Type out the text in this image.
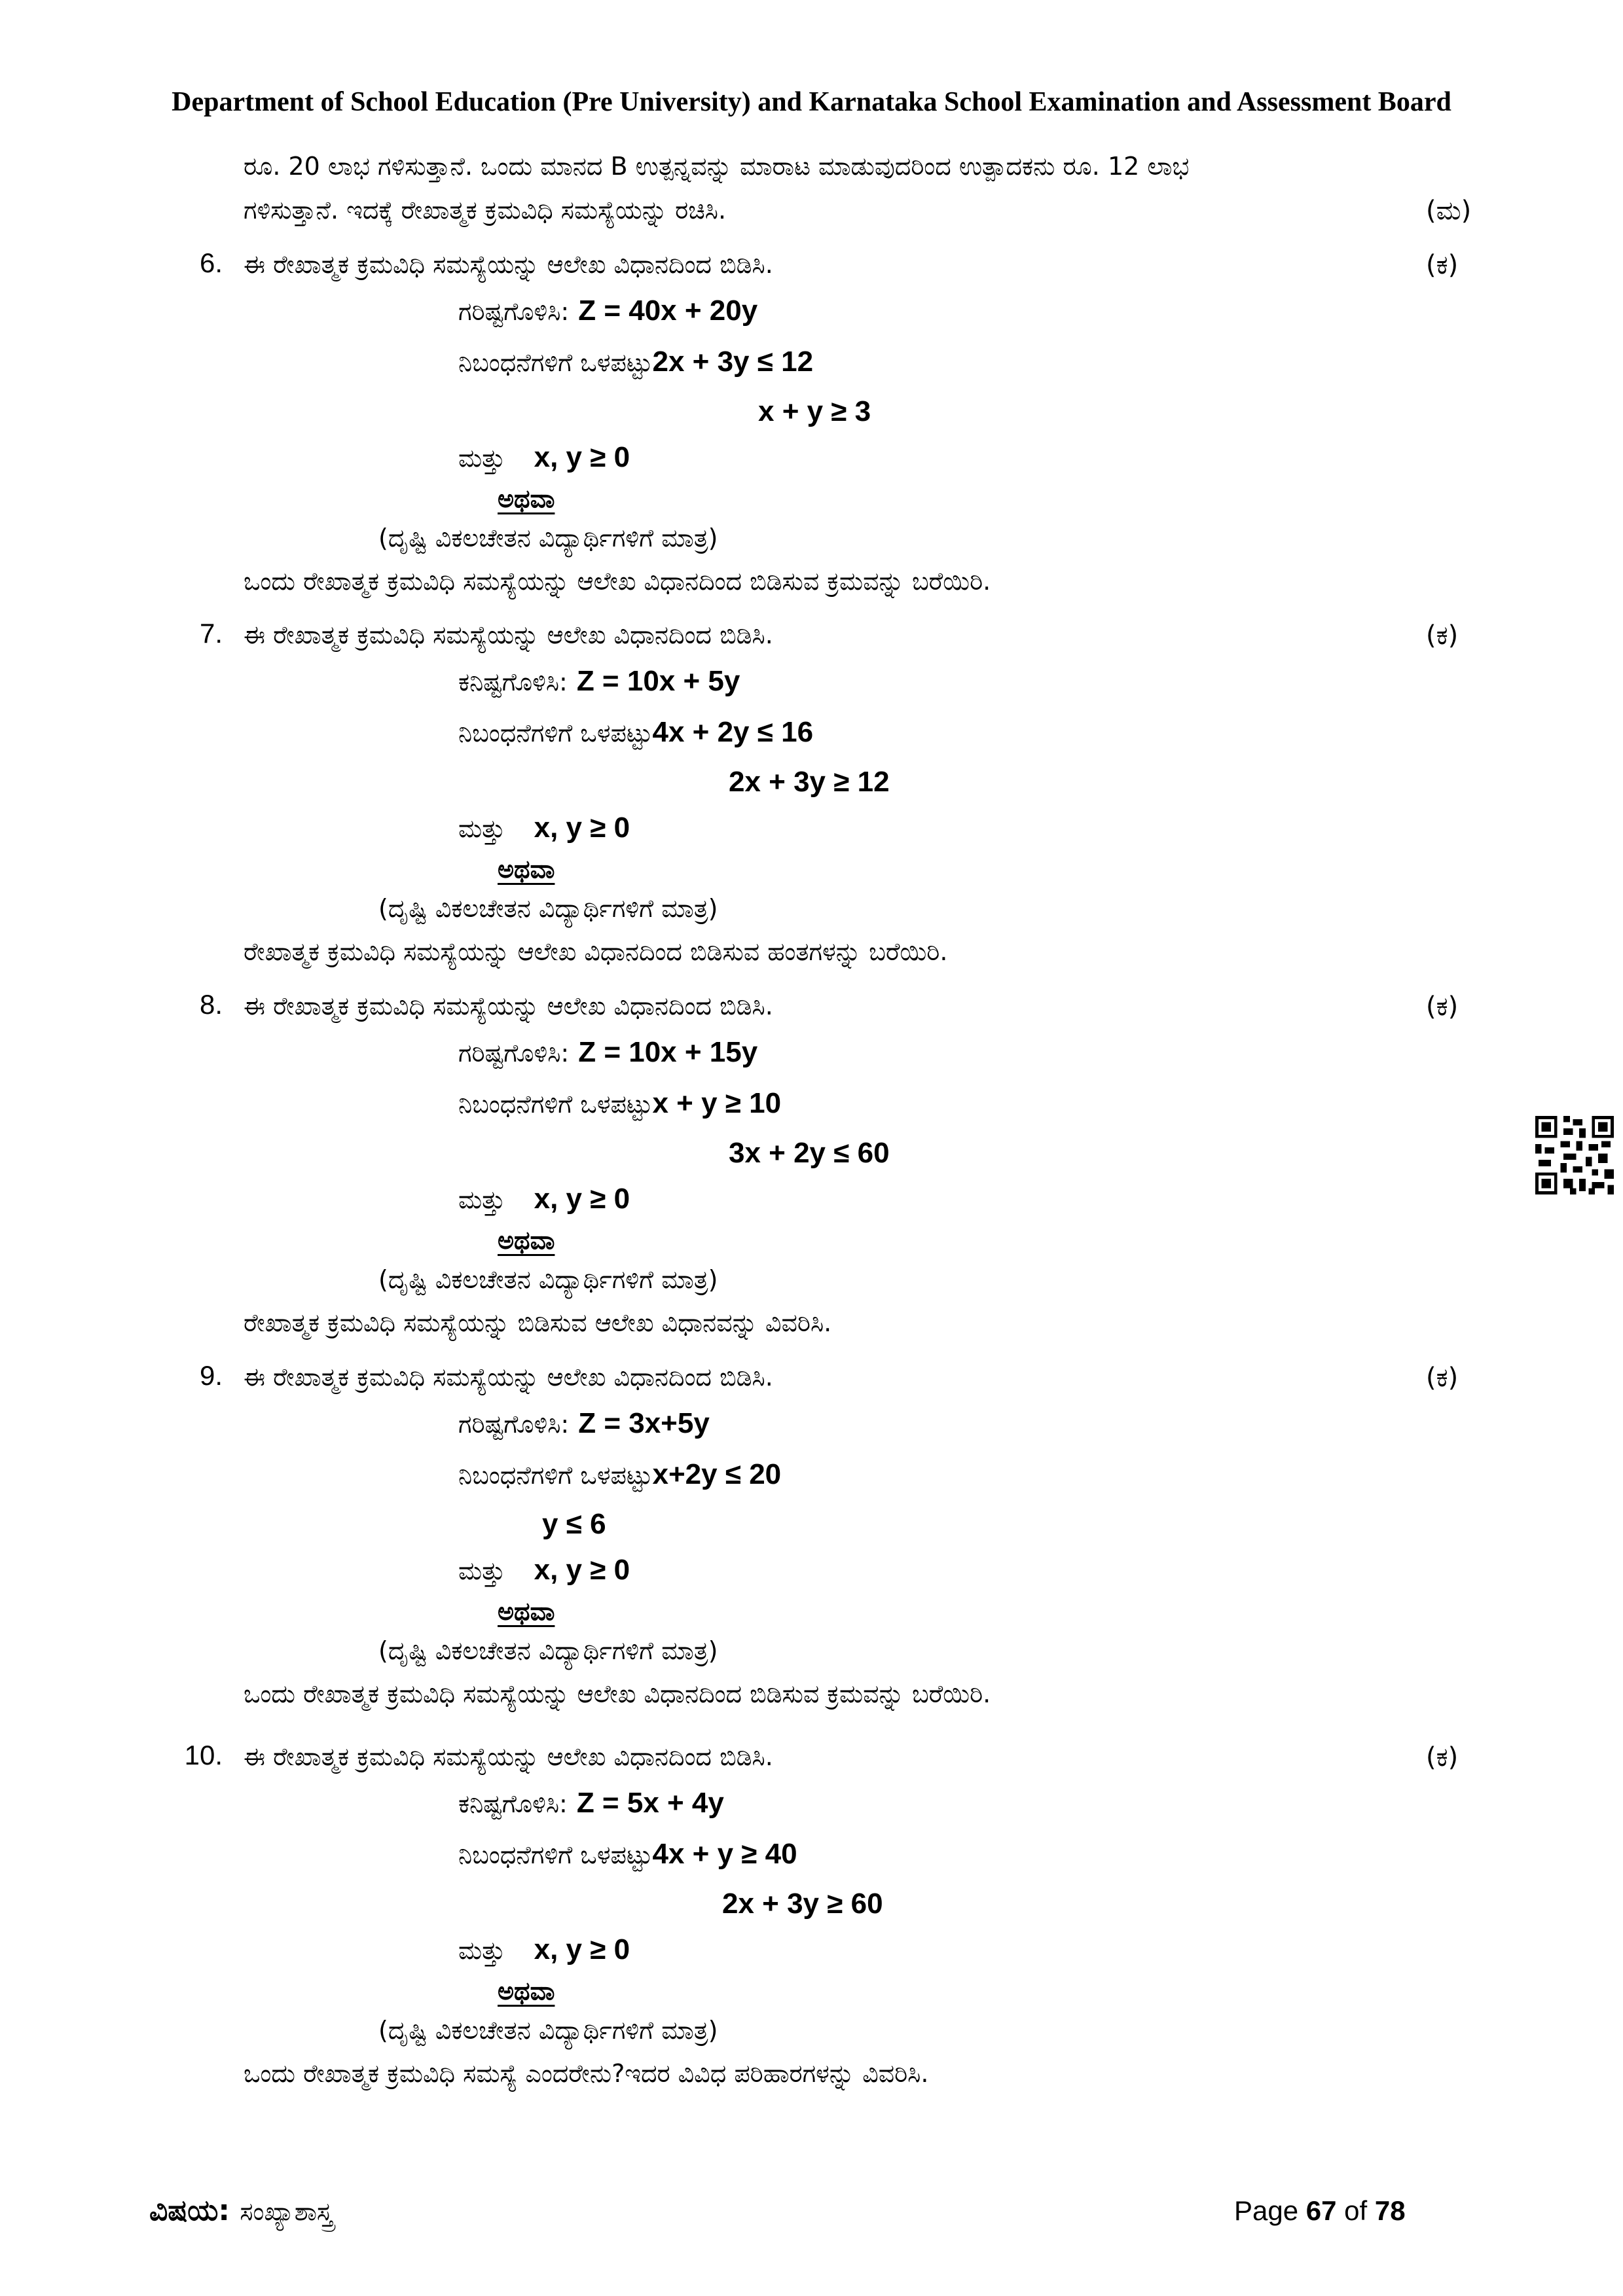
Department of School Education (Pre University) and Karnataka School Examination and Assessment Board
ರೂ. 20 ಲಾಭ ಗಳಿಸುತ್ತಾನೆ. ಒಂದು ಮಾನದ B ಉತ್ಪನ್ನವನ್ನು ಮಾರಾಟ ಮಾಡುವುದರಿಂದ ಉತ್ಪಾದಕನು ರೂ. 12 ಲಾಭ
ಗಳಿಸುತ್ತಾನೆ. ಇದಕ್ಕೆ ರೇಖಾತ್ಮಕ ಕ್ರಮವಿಧಿ ಸಮಸ್ಯೆಯನ್ನು ರಚಿಸಿ.	(ಮ)
6. ಈ ರೇಖಾತ್ಮಕ ಕ್ರಮವಿಧಿ ಸಮಸ್ಯೆಯನ್ನು ಆಲೇಖ ವಿಧಾನದಿಂದ ಬಿಡಿಸಿ.	(ಕ)
ಗರಿಷ್ಟಗೊಳಿಸಿ: Z = 40x + 20y
ನಿಬಂಧನೆಗಳಿಗೆ ಒಳಪಟ್ಟು2x + 3y ≤ 12
x + y ≥ 3
ಮತ್ತು x, y ≥ 0
ಅಥವಾ
(ದೃಷ್ಟಿ ವಿಕಲಚೇತನ ವಿದ್ಯಾರ್ಥಿಗಳಿಗೆ ಮಾತ್ರ)
ಒಂದು ರೇಖಾತ್ಮಕ ಕ್ರಮವಿಧಿ ಸಮಸ್ಯೆಯನ್ನು ಆಲೇಖ ವಿಧಾನದಿಂದ ಬಿಡಿಸುವ ಕ್ರಮವನ್ನು ಬರೆಯಿರಿ.
7. ಈ ರೇಖಾತ್ಮಕ ಕ್ರಮವಿಧಿ ಸಮಸ್ಯೆಯನ್ನು ಆಲೇಖ ವಿಧಾನದಿಂದ ಬಿಡಿಸಿ.	(ಕ)
ಕನಿಷ್ಟಗೊಳಿಸಿ: Z = 10x + 5y
ನಿಬಂಧನೆಗಳಿಗೆ ಒಳಪಟ್ಟು4x + 2y ≤ 16
2x + 3y ≥ 12
ಮತ್ತು x, y ≥ 0
ಅಥವಾ
(ದೃಷ್ಟಿ ವಿಕಲಚೇತನ ವಿದ್ಯಾರ್ಥಿಗಳಿಗೆ ಮಾತ್ರ)
ರೇಖಾತ್ಮಕ ಕ್ರಮವಿಧಿ ಸಮಸ್ಯೆಯನ್ನು ಆಲೇಖ ವಿಧಾನದಿಂದ ಬಿಡಿಸುವ ಹಂತಗಳನ್ನು ಬರೆಯಿರಿ.
8. ಈ ರೇಖಾತ್ಮಕ ಕ್ರಮವಿಧಿ ಸಮಸ್ಯೆಯನ್ನು ಆಲೇಖ ವಿಧಾನದಿಂದ ಬಿಡಿಸಿ.	(ಕ)
ಗರಿಷ್ಟಗೊಳಿಸಿ: Z = 10x + 15y
ನಿಬಂಧನೆಗಳಿಗೆ ಒಳಪಟ್ಟುx + y ≥ 10
3x + 2y ≤ 60
ಮತ್ತು x, y ≥ 0
ಅಥವಾ
(ದೃಷ್ಟಿ ವಿಕಲಚೇತನ ವಿದ್ಯಾರ್ಥಿಗಳಿಗೆ ಮಾತ್ರ)
ರೇಖಾತ್ಮಕ ಕ್ರಮವಿಧಿ ಸಮಸ್ಯೆಯನ್ನು ಬಿಡಿಸುವ ಆಲೇಖ ವಿಧಾನವನ್ನು ವಿವರಿಸಿ.
9. ಈ ರೇಖಾತ್ಮಕ ಕ್ರಮವಿಧಿ ಸಮಸ್ಯೆಯನ್ನು ಆಲೇಖ ವಿಧಾನದಿಂದ ಬಿಡಿಸಿ.	(ಕ)
ಗರಿಷ್ಟಗೊಳಿಸಿ: Z = 3x+5y
ನಿಬಂಧನೆಗಳಿಗೆ ಒಳಪಟ್ಟುx+2y ≤ 20
y ≤ 6
ಮತ್ತು x, y ≥ 0
ಅಥವಾ
(ದೃಷ್ಟಿ ವಿಕಲಚೇತನ ವಿದ್ಯಾರ್ಥಿಗಳಿಗೆ ಮಾತ್ರ)
ಒಂದು ರೇಖಾತ್ಮಕ ಕ್ರಮವಿಧಿ ಸಮಸ್ಯೆಯನ್ನು ಆಲೇಖ ವಿಧಾನದಿಂದ ಬಿಡಿಸುವ ಕ್ರಮವನ್ನು ಬರೆಯಿರಿ.
10. ಈ ರೇಖಾತ್ಮಕ ಕ್ರಮವಿಧಿ ಸಮಸ್ಯೆಯನ್ನು ಆಲೇಖ ವಿಧಾನದಿಂದ ಬಿಡಿಸಿ.	(ಕ)
ಕನಿಷ್ಟಗೊಳಿಸಿ: Z = 5x + 4y
ನಿಬಂಧನೆಗಳಿಗೆ ಒಳಪಟ್ಟು4x + y ≥ 40
2x + 3y ≥ 60
ಮತ್ತು x, y ≥ 0
ಅಥವಾ
(ದೃಷ್ಟಿ ವಿಕಲಚೇತನ ವಿದ್ಯಾರ್ಥಿಗಳಿಗೆ ಮಾತ್ರ)
ಒಂದು ರೇಖಾತ್ಮಕ ಕ್ರಮವಿಧಿ ಸಮಸ್ಯೆ ಎಂದರೇನು?ಇದರ ವಿವಿಧ ಪರಿಹಾರಗಳನ್ನು ವಿವರಿಸಿ.
ವಿಷಯ: ಸಂಖ್ಯಾಶಾಸ್ತ್ರ	Page 67 of 78
